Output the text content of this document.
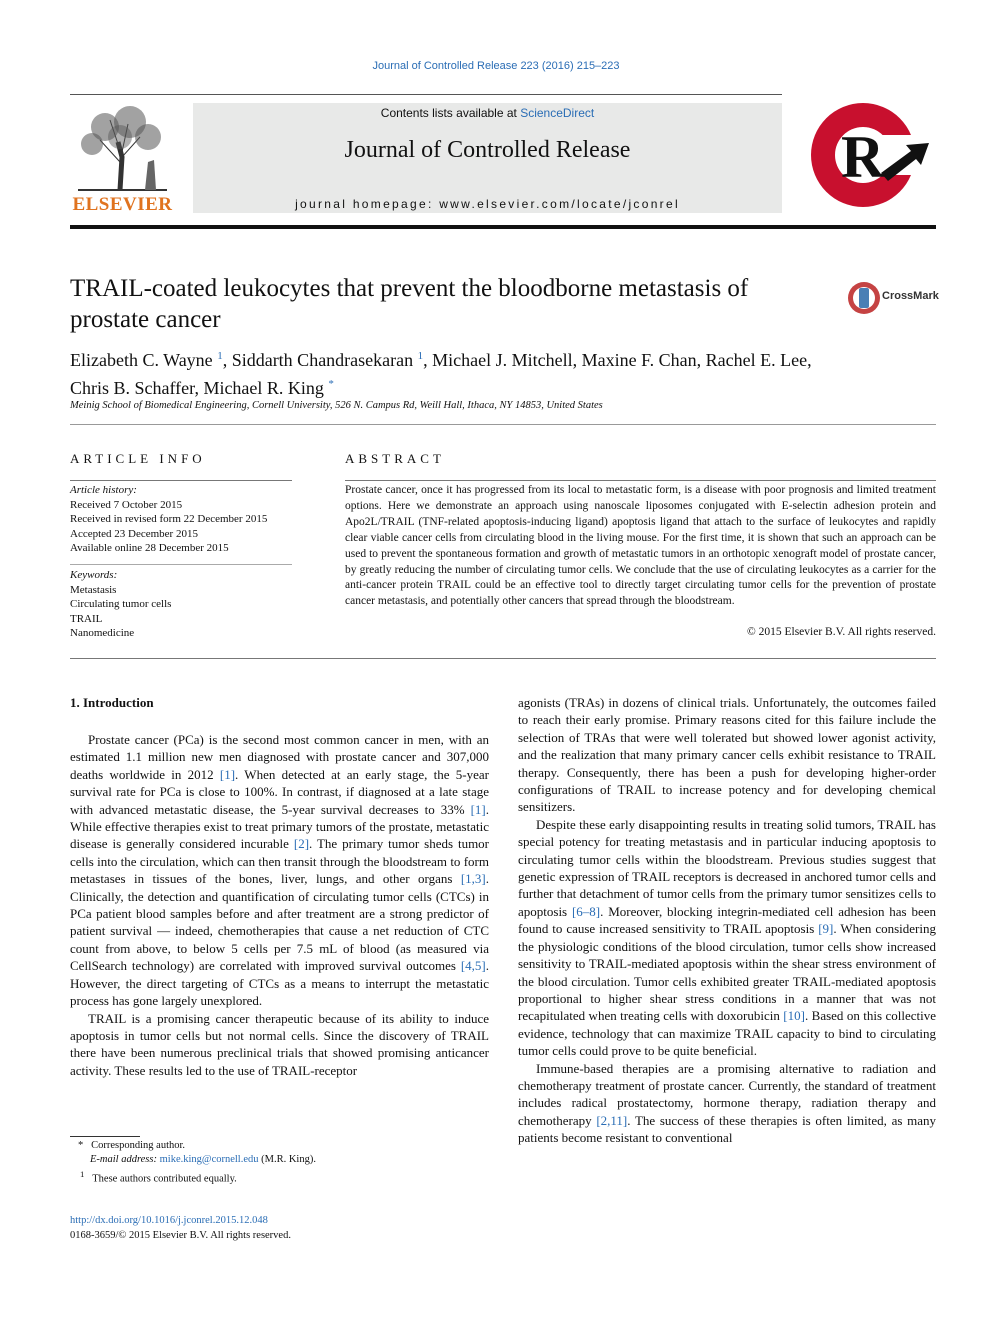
Journal of Controlled Release 223 (2016) 215–223
ELSEVIER
Contents lists available at ScienceDirect
Journal of Controlled Release
journal homepage: www.elsevier.com/locate/jconrel
R
TRAIL-coated leukocytes that prevent the bloodborne metastasis of prostate cancer
CrossMark
Elizabeth C. Wayne $^1$, Siddarth Chandrasekaran $^1$, Michael J. Mitchell, Maxine F. Chan, Rachel E. Lee,
Chris B. Schaffer, Michael R. King *
Meinig School of Biomedical Engineering, Cornell University, 526 N. Campus Rd, Weill Hall, Ithaca, NY 14853, United States
ARTICLE INFO	ABSTRACT
Article history:
Received 7 October 2015
Received in revised form 22 December 2015
Accepted 23 December 2015
Available online 28 December 2015
Keywords:
Metastasis
Circulating tumor cells
TRAIL
Nanomedicine
Prostate cancer, once it has progressed from its local to metastatic form, is a disease with poor prognosis and limited treatment options. Here we demonstrate an approach using nanoscale liposomes conjugated with E-selectin adhesion protein and Apo2L/TRAIL (TNF-related apoptosis-inducing ligand) apoptosis ligand that attach to the surface of leukocytes and rapidly clear viable cancer cells from circulating blood in the living mouse. For the first time, it is shown that such an approach can be used to prevent the spontaneous formation and growth of metastatic tumors in an orthotopic xenograft model of prostate cancer, by greatly reducing the number of circulating tumor cells. We conclude that the use of circulating leukocytes as a carrier for the anti-cancer protein TRAIL could be an effective tool to directly target circulating tumor cells for the prevention of prostate cancer metastasis, and potentially other cancers that spread through the bloodstream.
© 2015 Elsevier B.V. All rights reserved.
1. Introduction

Prostate cancer (PCa) is the second most common cancer in men, with an estimated 1.1 million new men diagnosed with prostate cancer and 307,000 deaths worldwide in 2012 [1]. When detected at an early stage, the 5-year survival rate for PCa is close to 100%. In contrast, if diagnosed at a late stage with advanced metastatic disease, the 5-year survival decreases to 33% [1]. While effective therapies exist to treat primary tumors of the prostate, metastatic disease is generally considered incurable [2]. The primary tumor sheds tumor cells into the circulation, which can then transit through the bloodstream to form metastases in tissues of the bones, liver, lungs, and other organs [1,3]. Clinically, the detection and quantification of circulating tumor cells (CTCs) in PCa patient blood samples before and after treatment are a strong predictor of patient survival — indeed, chemotherapies that cause a net reduction of CTC count from above, to below 5 cells per 7.5 mL of blood (as measured via CellSearch technology) are correlated with improved survival outcomes [4,5]. However, the direct targeting of CTCs as a means to interrupt the metastatic process has gone largely unexplored.

TRAIL is a promising cancer therapeutic because of its ability to induce apoptosis in tumor cells but not normal cells. Since the discovery of TRAIL there have been numerous preclinical trials that showed promising anticancer activity. These results led to the use of TRAIL-receptor

agonists (TRAs) in dozens of clinical trials. Unfortunately, the outcomes failed to reach their early promise. Primary reasons cited for this failure include the selection of TRAs that were well tolerated but showed lower agonist activity, and the realization that many primary cancer cells exhibit resistance to TRAIL therapy. Consequently, there has been a push for developing higher-order configurations of TRAIL to increase potency and for developing chemical sensitizers.

Despite these early disappointing results in treating solid tumors, TRAIL has special potency for treating metastasis and in particular inducing apoptosis to circulating tumor cells within the bloodstream. Previous studies suggest that genetic expression of TRAIL receptors is decreased in anchored tumor cells and further that detachment of tumor cells from the primary tumor sensitizes cells to apoptosis [6–8]. Moreover, blocking integrin-mediated cell adhesion has been found to cause increased sensitivity to TRAIL apoptosis [9]. When considering the physiologic conditions of the blood circulation, tumor cells show increased sensitivity to TRAIL-mediated apoptosis within the shear stress environment of the blood circulation. Tumor cells exhibited greater TRAIL-mediated apoptosis proportional to higher shear stress conditions in a manner that was not recapitulated when treating cells with doxorubicin [10]. Based on this collective evidence, technology that can maximize TRAIL capacity to bind to circulating tumor cells could prove to be quite beneficial.

Immune-based therapies are a promising alternative to radiation and chemotherapy treatment of prostate cancer. Currently, the standard of treatment includes radical prostatectomy, hormone therapy, radiation therapy and chemotherapy [2,11]. The success of these therapies is often limited, as many patients become resistant to conventional

* Corresponding author.
E-mail address: mike.king@cornell.edu (M.R. King).
$^1$ These authors contributed equally.
http://dx.doi.org/10.1016/j.jconrel.2015.12.048
0168-3659/© 2015 Elsevier B.V. All rights reserved.
